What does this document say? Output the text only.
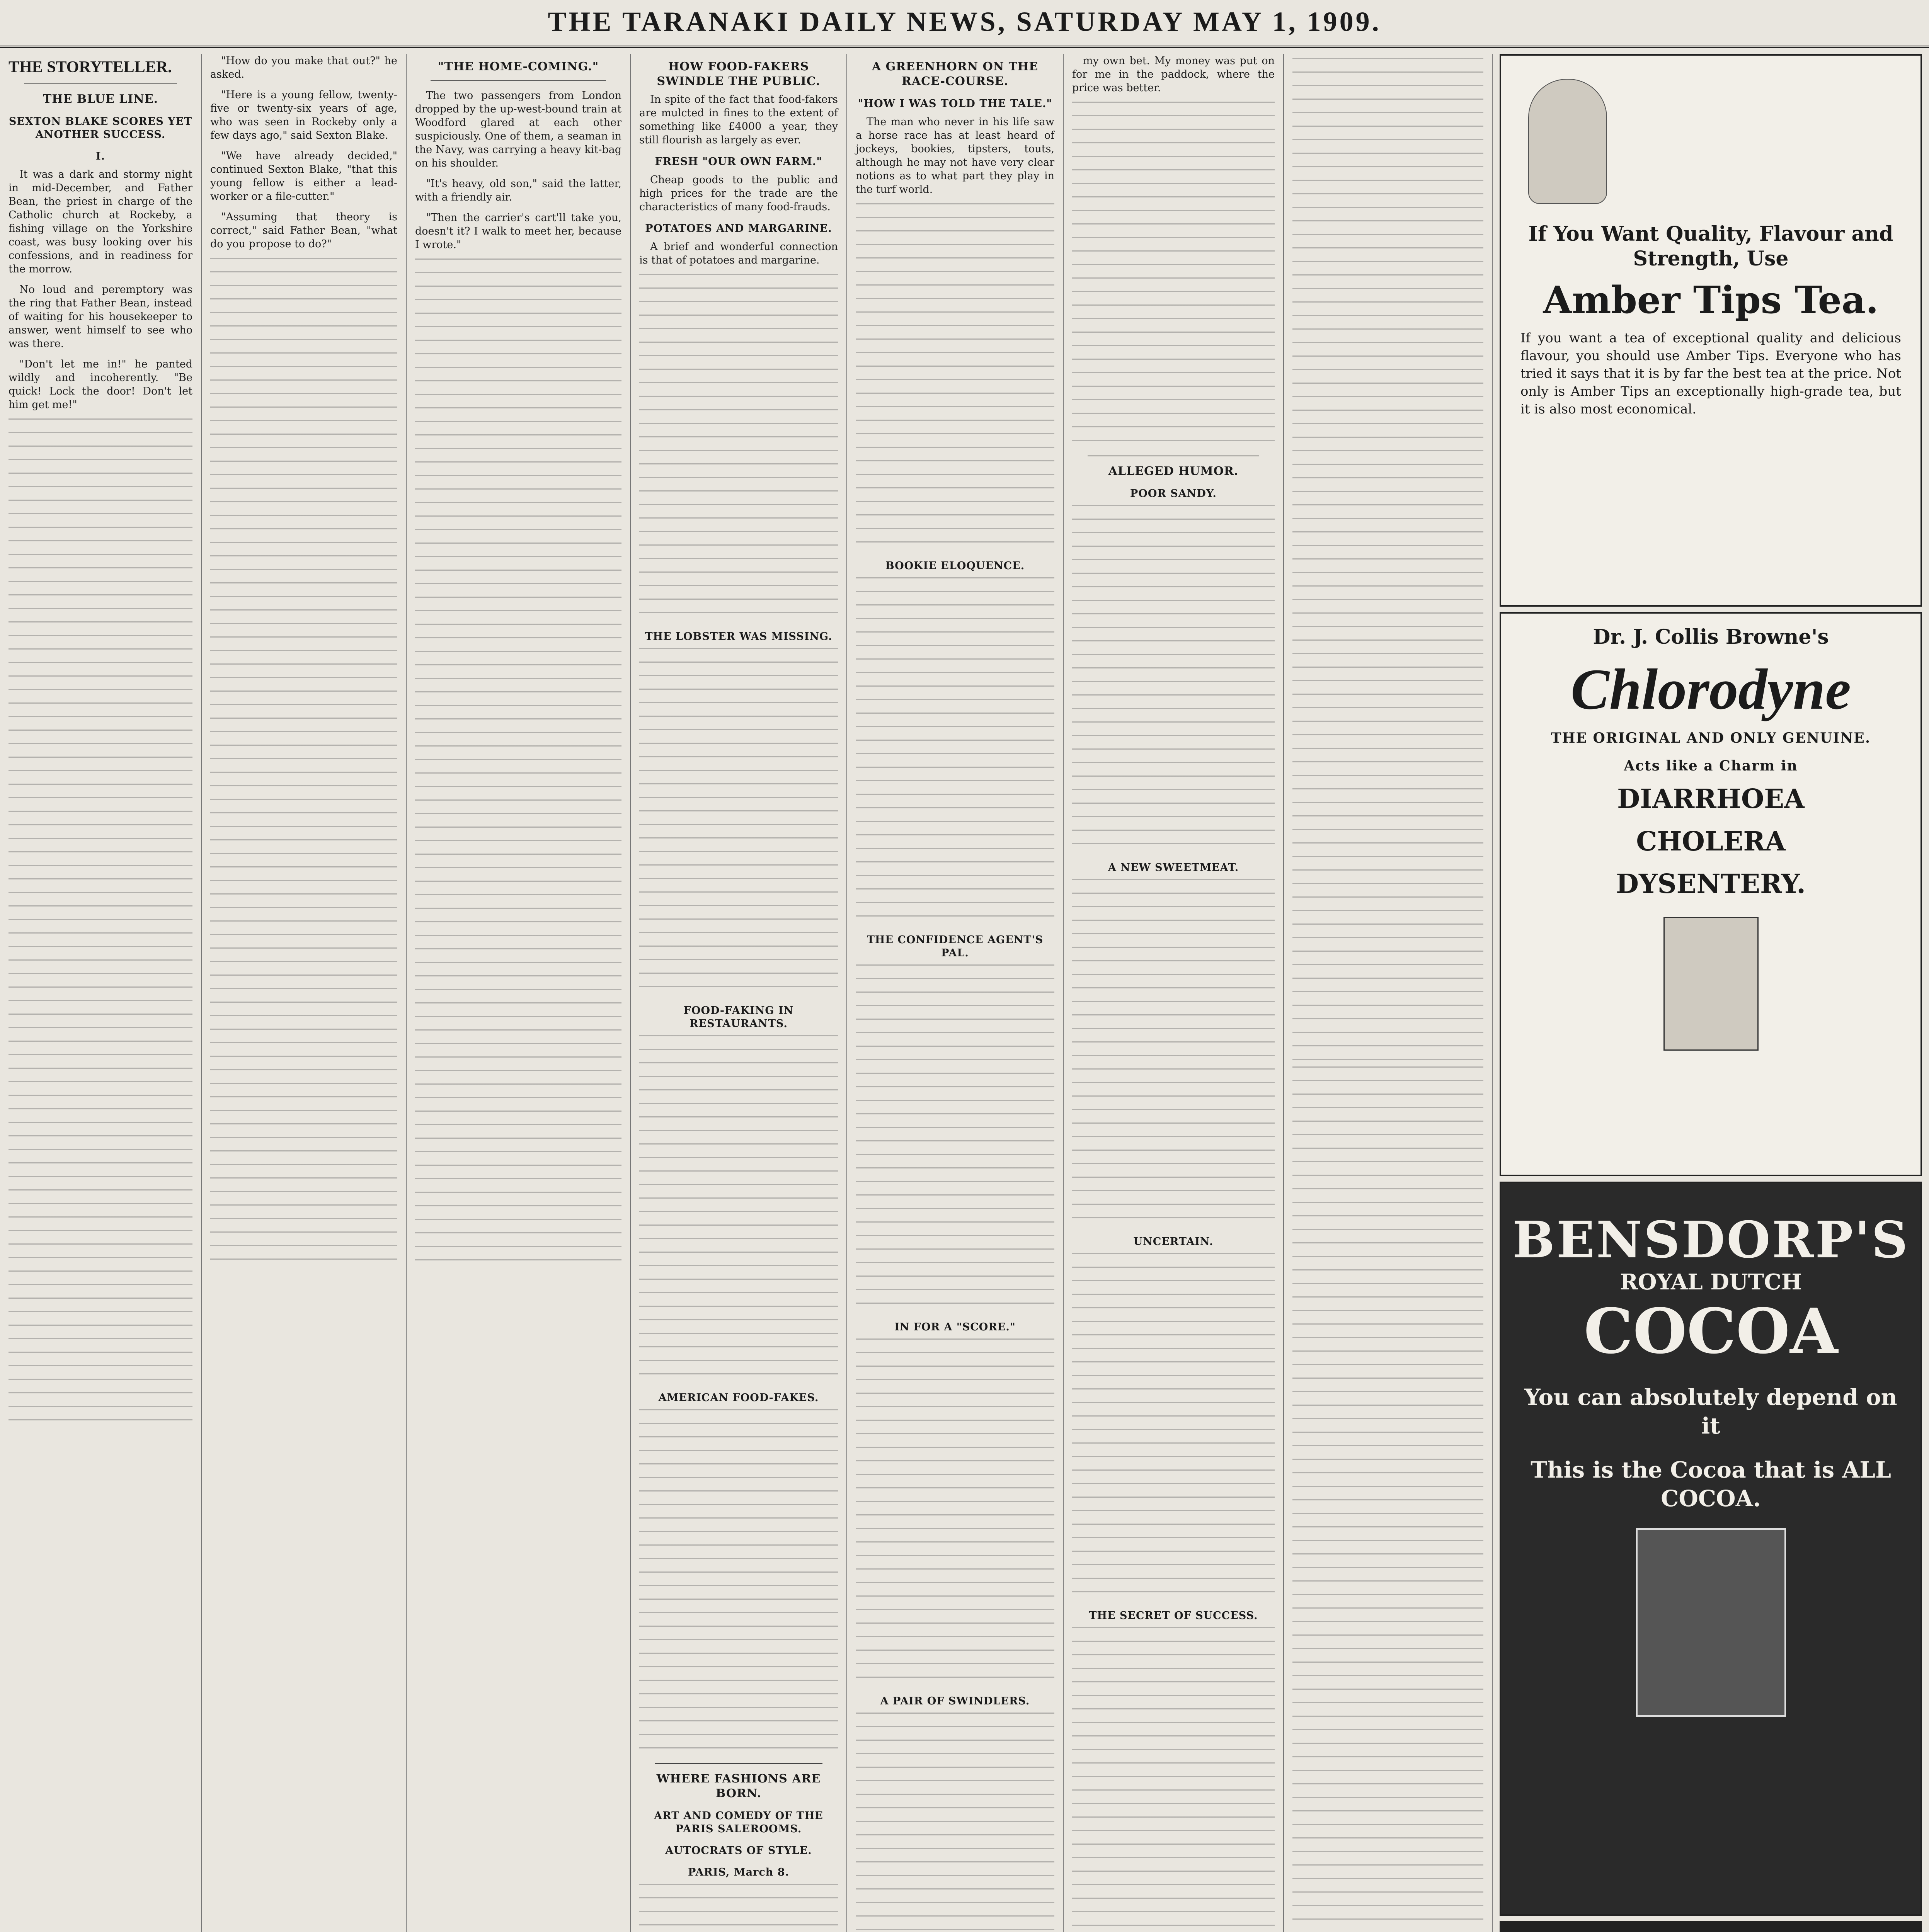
THE TARANAKI DAILY NEWS, SATURDAY MAY 1, 1909.
THE STORYTELLER.
THE BLUE LINE.
SEXTON BLAKE SCORES YET ANOTHER SUCCESS.
I.

It was a dark and stormy night in mid-December, and Father Bean, the priest in charge of the Catholic church at Rockeby, a fishing village on the Yorkshire coast, was busy looking over his confessions, and in readiness for the morrow.

No loud and peremptory was the ring that Father Bean, instead of waiting for his housekeeper to answer, went himself to see who was there.

"Don't let me in!" he panted wildly and incoherently. "Be quick! Lock the door! Don't let him get me!"

"How do you make that out?" he asked.

"Here is a young fellow, twenty-five or twenty-six years of age, who was seen in Rockeby only a few days ago," said Sexton Blake.

"We have already decided," continued Sexton Blake, "that this young fellow is either a lead-worker or a file-cutter."

"Assuming that theory is correct," said Father Bean, "what do you propose to do?"

"THE HOME-COMING."

The two passengers from London dropped by the up-west-bound train at Woodford glared at each other suspiciously. One of them, a seaman in the Navy, was carrying a heavy kit-bag on his shoulder.

"It's heavy, old son," said the latter, with a friendly air.

"Then the carrier's cart'll take you, doesn't it? I walk to meet her, because I wrote."

HOW FOOD-FAKERS SWINDLE THE PUBLIC.

In spite of the fact that food-fakers are mulcted in fines to the extent of something like £4000 a year, they still flourish as largely as ever.

FRESH "OUR OWN FARM."

Cheap goods to the public and high prices for the trade are the characteristics of many food-frauds.

POTATOES AND MARGARINE.

A brief and wonderful connection is that of potatoes and margarine.

THE LOBSTER WAS MISSING.
FOOD-FAKING IN RESTAURANTS.
AMERICAN FOOD-FAKES.
WHERE FASHIONS ARE BORN.
ART AND COMEDY OF THE PARIS SALEROOMS.
AUTOCRATS OF STYLE.
PARIS, March 8.
A GREENHORN ON THE RACE-COURSE.
"HOW I WAS TOLD THE TALE."

The man who never in his life saw a horse race has at least heard of jockeys, bookies, tipsters, touts, although he may not have very clear notions as to what part they play in the turf world.

BOOKIE ELOQUENCE.
THE CONFIDENCE AGENT'S PAL.
IN FOR A "SCORE."
A PAIR OF SWINDLERS.

my own bet. My money was put on for me in the paddock, where the price was better.

ALLEGED HUMOR.
POOR SANDY.
A NEW SWEETMEAT.
UNCERTAIN.
THE SECRET OF SUCCESS.
If You Want Quality, Flavour and Strength, Use
Amber Tips Tea.
If you want a tea of exceptional quality and delicious flavour, you should use Amber Tips. Everyone who has tried it says that it is by far the best tea at the price. Not only is Amber Tips an exceptionally high-grade tea, but it is also most economical.
Dr. J. Collis Browne's
Chlorodyne
THE ORIGINAL AND ONLY GENUINE.
Acts like a Charm in
DIARRHOEA
CHOLERA
DYSENTERY.
BENSDORP'S
ROYAL DUTCH
COCOA
You can absolutely depend on it
This is the Cocoa that is ALL COCOA.
